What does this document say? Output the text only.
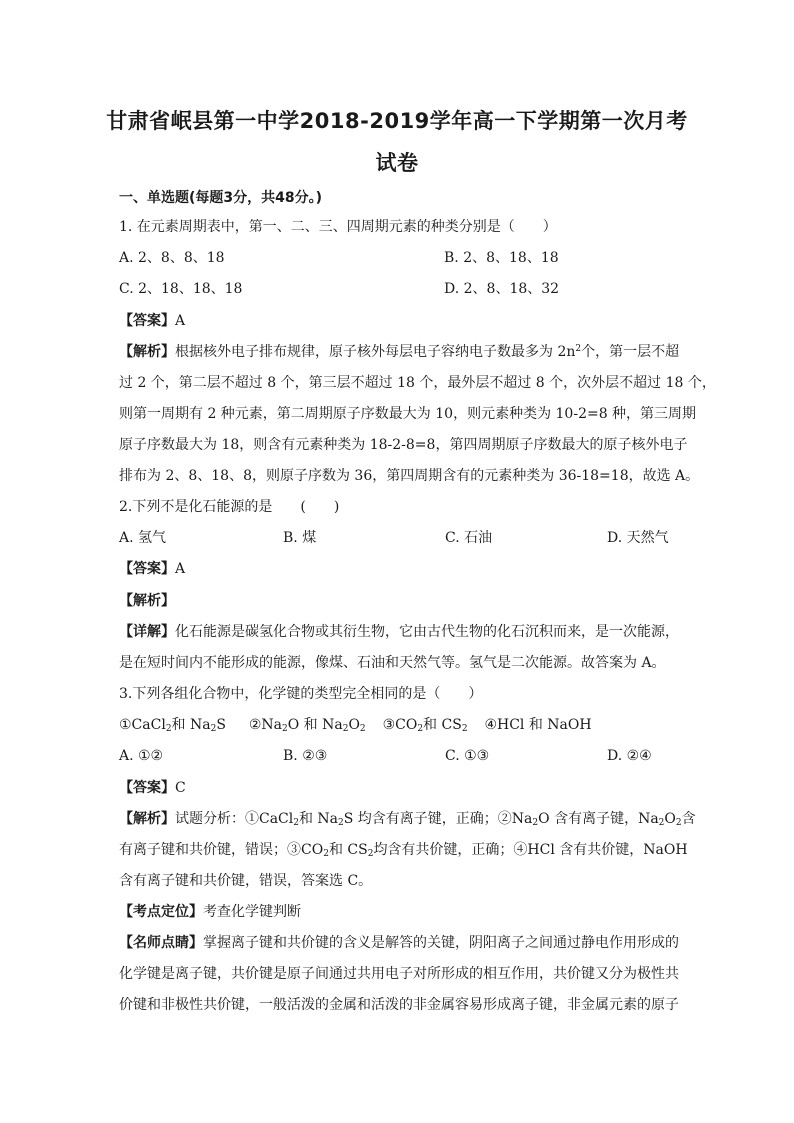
甘肃省岷县第一中学2018-2019学年高一下学期第一次月考
试卷
一、单选题(每题3分，共48分。)
1. 在元素周期表中，第一、二、三、四周期元素的种类分别是（　　）
A. 2、8、8、18	B. 2、8、18、18
C. 2、18、18、18	D. 2、8、18、32
【答案】A
【解析】根据核外电子排布规律，原子核外每层电子容纳电子数最多为 $2n^2$个，第一层不超
过 2 个，第二层不超过 8 个，第三层不超过 18 个，最外层不超过 8 个，次外层不超过 18 个，
则第一周期有 2 种元素，第二周期原子序数最大为 10，则元素种类为 10-2=8 种，第三周期
原子序数最大为 18，则含有元素种类为 18-2-8=8，第四周期原子序数最大的原子核外电子
排布为 2、8、18、8，则原子序数为 36，第四周期含有的元素种类为 36-18=18，故选 A。
2.下列不是化石能源的是　　(　　)
A. 氢气	B. 煤	C. 石油	D. 天然气
【答案】A
【解析】
【详解】化石能源是碳氢化合物或其衍生物，它由古代生物的化石沉积而来，是一次能源，
是在短时间内不能形成的能源，像煤、石油和天然气等。氢气是二次能源。故答案为 A。
3.下列各组化合物中，化学键的类型完全相同的是（　　）
①CaCl$_2$和 $Na_2S$ $②Na_2O$ 和 $Na_2O_2$ $③CO_2$和 $CS_2$ ④HCl 和 NaOH
A. ①②	B. ②③	C. ①③	D. ②④
【答案】C
【解析】试题分析：①CaCl$_2$和 $Na_2S$ 均含有离子键，正确；$②Na_2O$ 含有离子键，$Na_2O_2$含
有离子键和共价键，错误；$③CO_2$和 $CS_2$均含有共价键，正确；④HCl 含有共价键，NaOH
含有离子键和共价键，错误，答案选 C。
【考点定位】考查化学键判断
【名师点睛】掌握离子键和共价键的含义是解答的关键，阴阳离子之间通过静电作用形成的
化学键是离子键，共价键是原子间通过共用电子对所形成的相互作用，共价键又分为极性共
价键和非极性共价键，一般活泼的金属和活泼的非金属容易形成离子键，非金属元素的原子
